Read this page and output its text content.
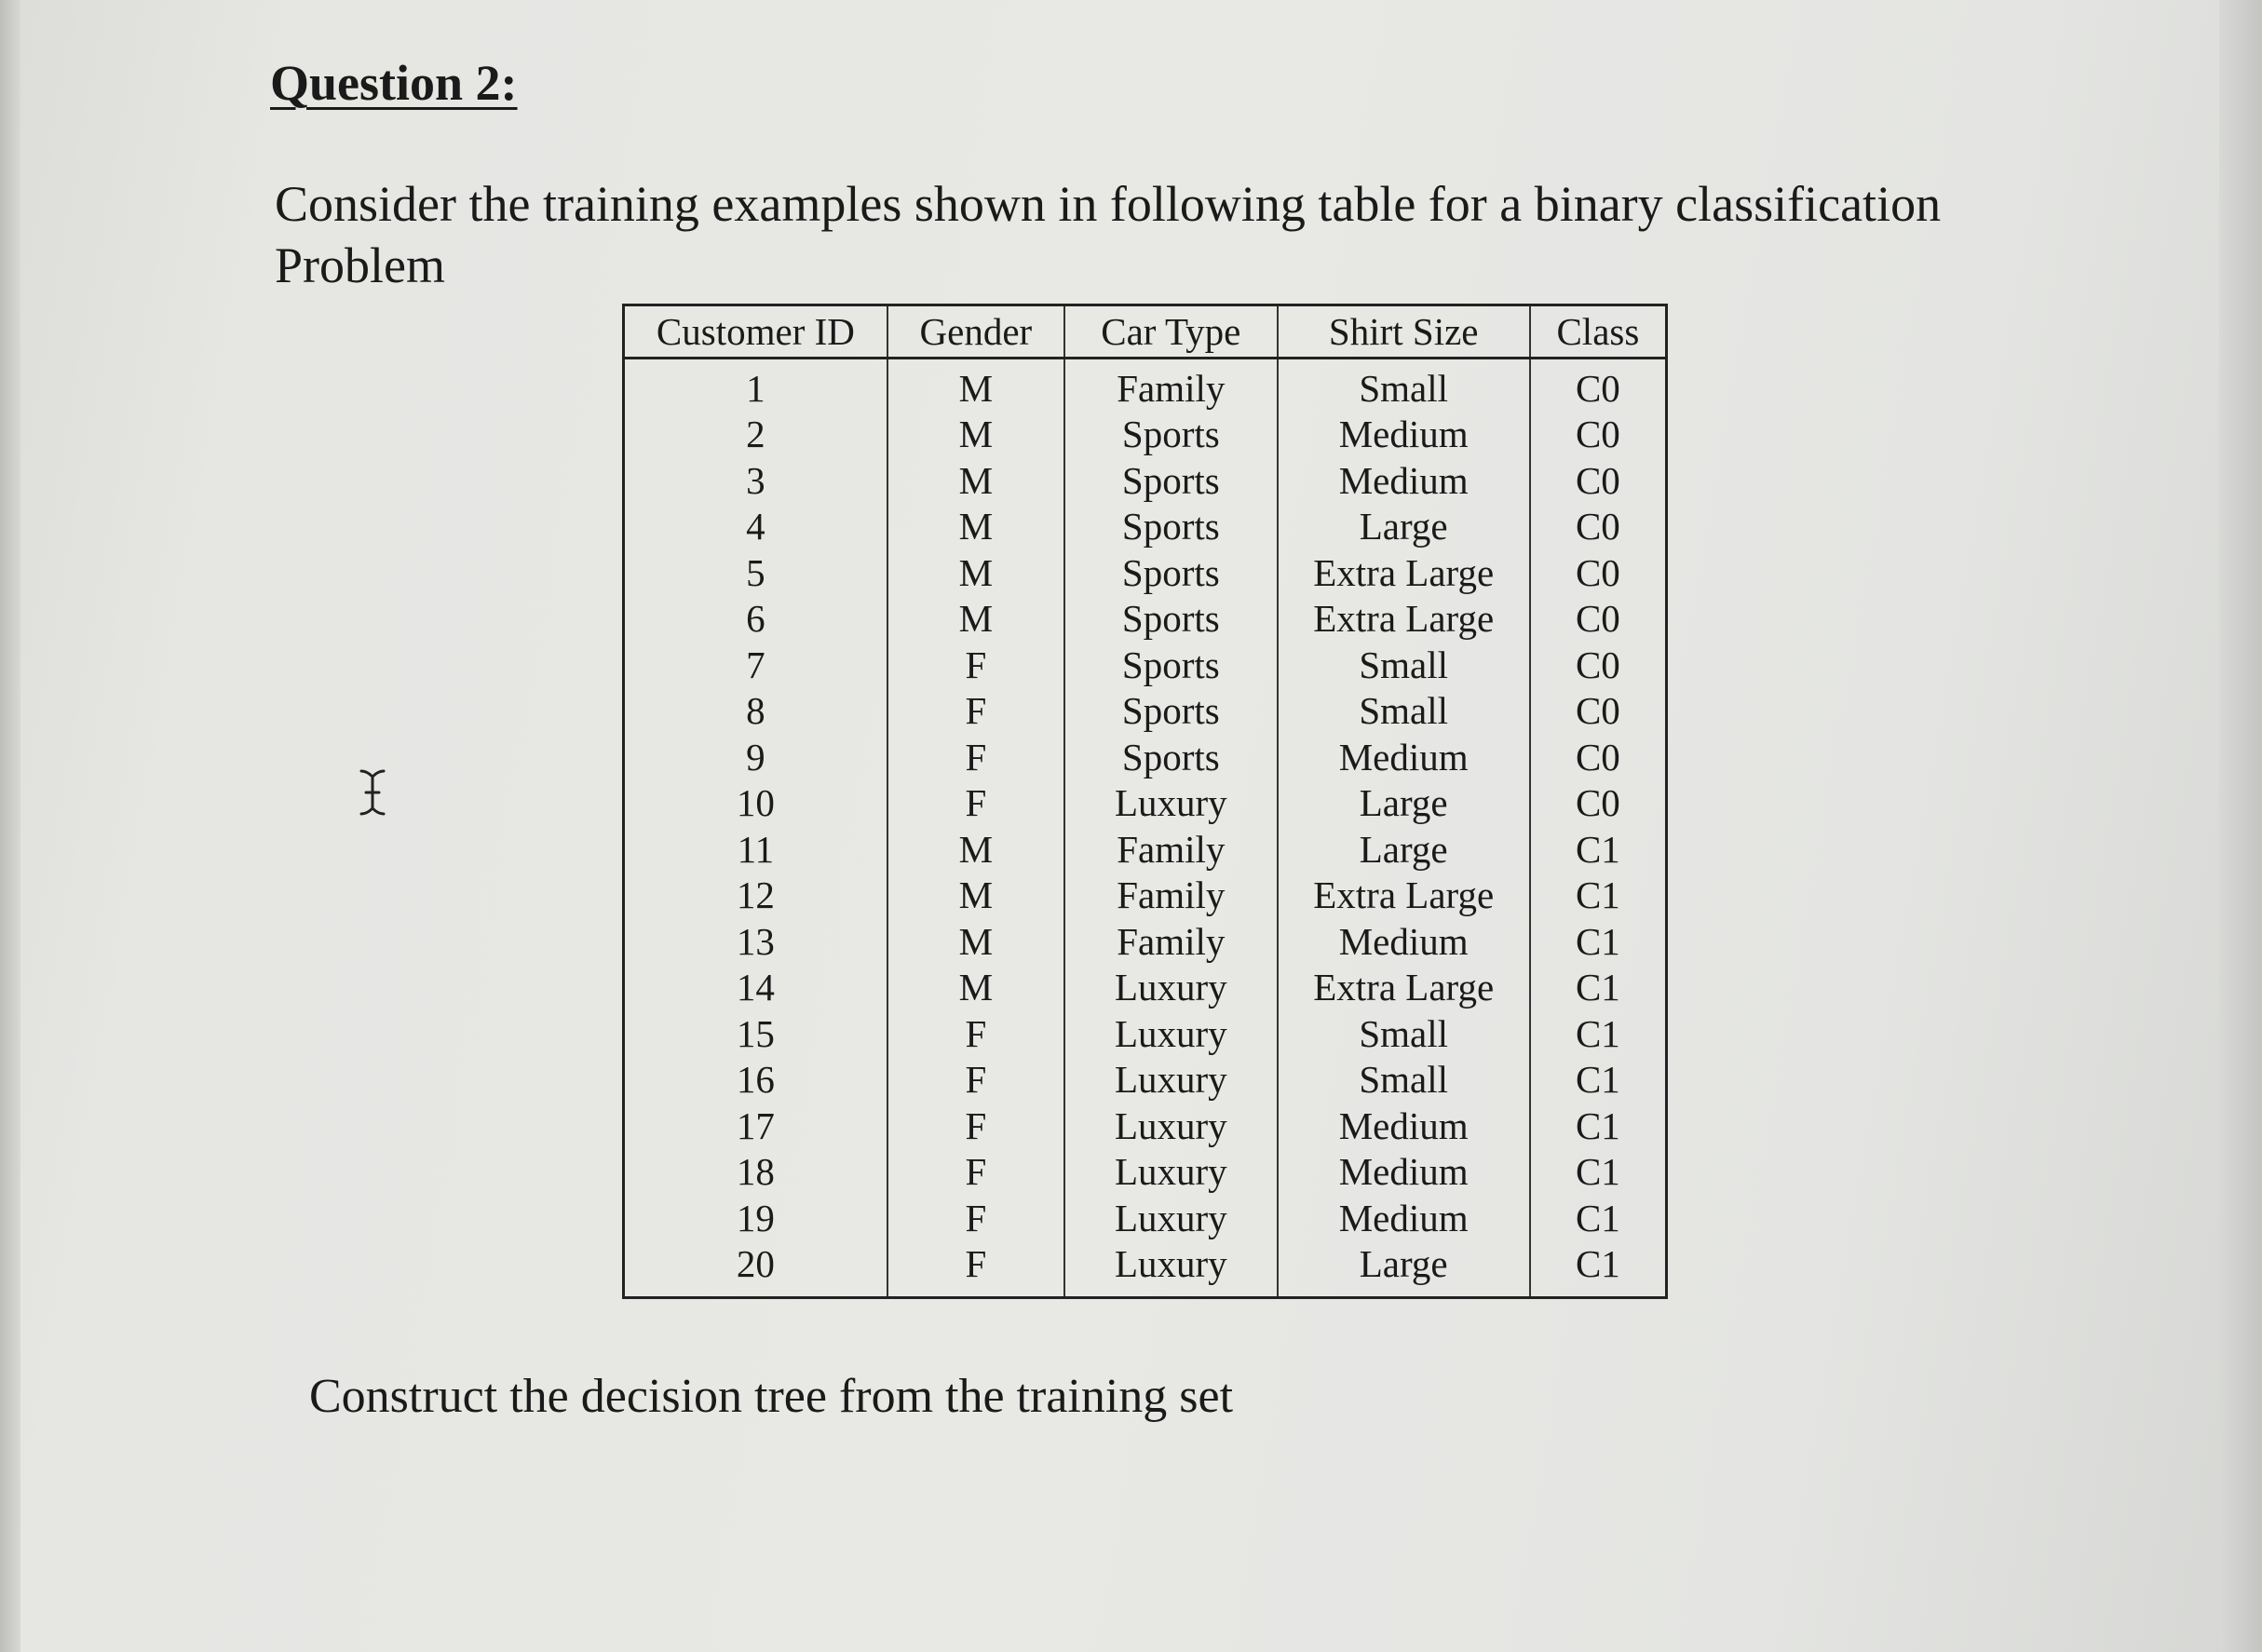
Question 2:
Consider the training examples shown in following table for a binary classification Problem
Customer ID	Gender	Car Type	Shirt Size	Class
1	M	Family	Small	C0
2	M	Sports	Medium	C0
3	M	Sports	Medium	C0
4	M	Sports	Large	C0
5	M	Sports	Extra Large	C0
6	M	Sports	Extra Large	C0
7	F	Sports	Small	C0
8	F	Sports	Small	C0
9	F	Sports	Medium	C0
10	F	Luxury	Large	C0
11	M	Family	Large	C1
12	M	Family	Extra Large	C1
13	M	Family	Medium	C1
14	M	Luxury	Extra Large	C1
15	F	Luxury	Small	C1
16	F	Luxury	Small	C1
17	F	Luxury	Medium	C1
18	F	Luxury	Medium	C1
19	F	Luxury	Medium	C1
20	F	Luxury	Large	C1
Construct the decision tree from the training set
